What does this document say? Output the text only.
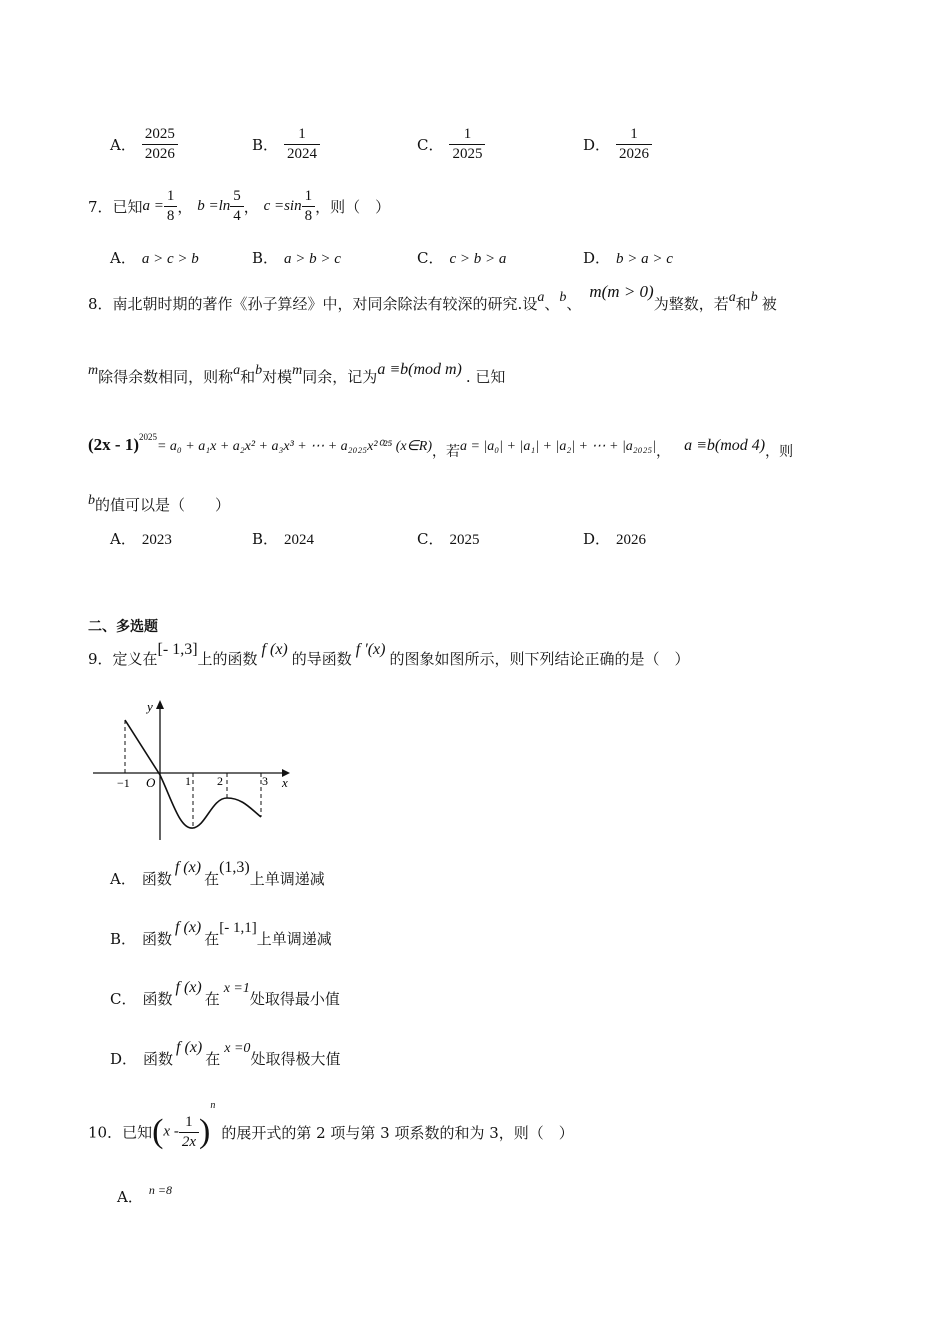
A． $\frac{2025}{2026}$	B． $\frac{1}{2024}$	C． $\frac{1}{2025}$	D． $\frac{1}{2026}$
7．已知$a = \frac{1}{8}$ ， $b =\ln \frac{5}{4}$ ， $c =\sin \frac{1}{8}$ ，则（　）
A． a > c > b	B． a > b > c	C． c > b > a	D． b > a > c
8．南北朝时期的著作《孙子算经》中，对同余除法有较深的研究.设a、b、m(m > 0)为整数，若a和b 被
m除得余数相同，则称a和b对模m同余，记为a ≡b(mod m) . 已知
(2x - 1)$^{2025}$= a₀ + a₁x + a₂x² + a₃x³ + ⋯ + a₂₀₂₅x²⁰²⁵ (x∈R)，若a = |a₀| + |a₁| + |a₂| + ⋯ + |a₂₀₂₅|， a ≡b(mod 4)，则
b的值可以是（　　）
A． 2023	B． 2024	C． 2025	D． 2026
二、多选题
9．定义在[- 1,3]上的函数f (x)的导函数f ′(x)的图象如图所示，则下列结论正确的是（　）
y
x
O
−1	1 2	3
A． 函数f (x)在(1,3)上单调递减
B． 函数f (x)在[- 1,1]上单调递减
C． 函数f (x)在x =1处取得最小值
D． 函数f (x)在x =0处取得极大值
10．已知$(x - \frac{1}{2x} )^n$的展开式的第 2 项与第 3 项系数的和为 3，则（　）
A． $^{n =8}$
